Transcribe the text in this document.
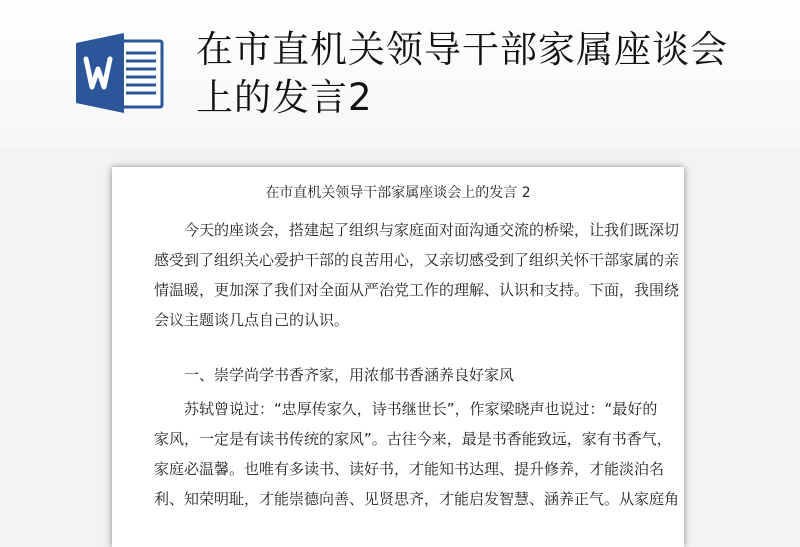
在市直机关领导干部家属座谈会
上的发言2
在市直机关领导干部家属座谈会上的发言 2
今天的座谈会，搭建起了组织与家庭面对面沟通交流的桥梁，让我们既深切
感受到了组织关心爱护干部的良苦用心，又亲切感受到了组织关怀干部家属的亲
情温暖，更加深了我们对全面从严治党工作的理解、认识和支持。下面，我围绕
会议主题谈几点自己的认识。
一、崇学尚学书香齐家，用浓郁书香涵养良好家风
苏轼曾说过：“忠厚传家久，诗书继世长”，作家梁晓声也说过：“最好的
家风，一定是有读书传统的家风”。古往今来，最是书香能致远，家有书香气，
家庭必温馨。也唯有多读书、读好书，才能知书达理、提升修养，才能淡泊名
利、知荣明耻，才能崇德向善、见贤思齐，才能启发智慧、涵养正气。从家庭角
